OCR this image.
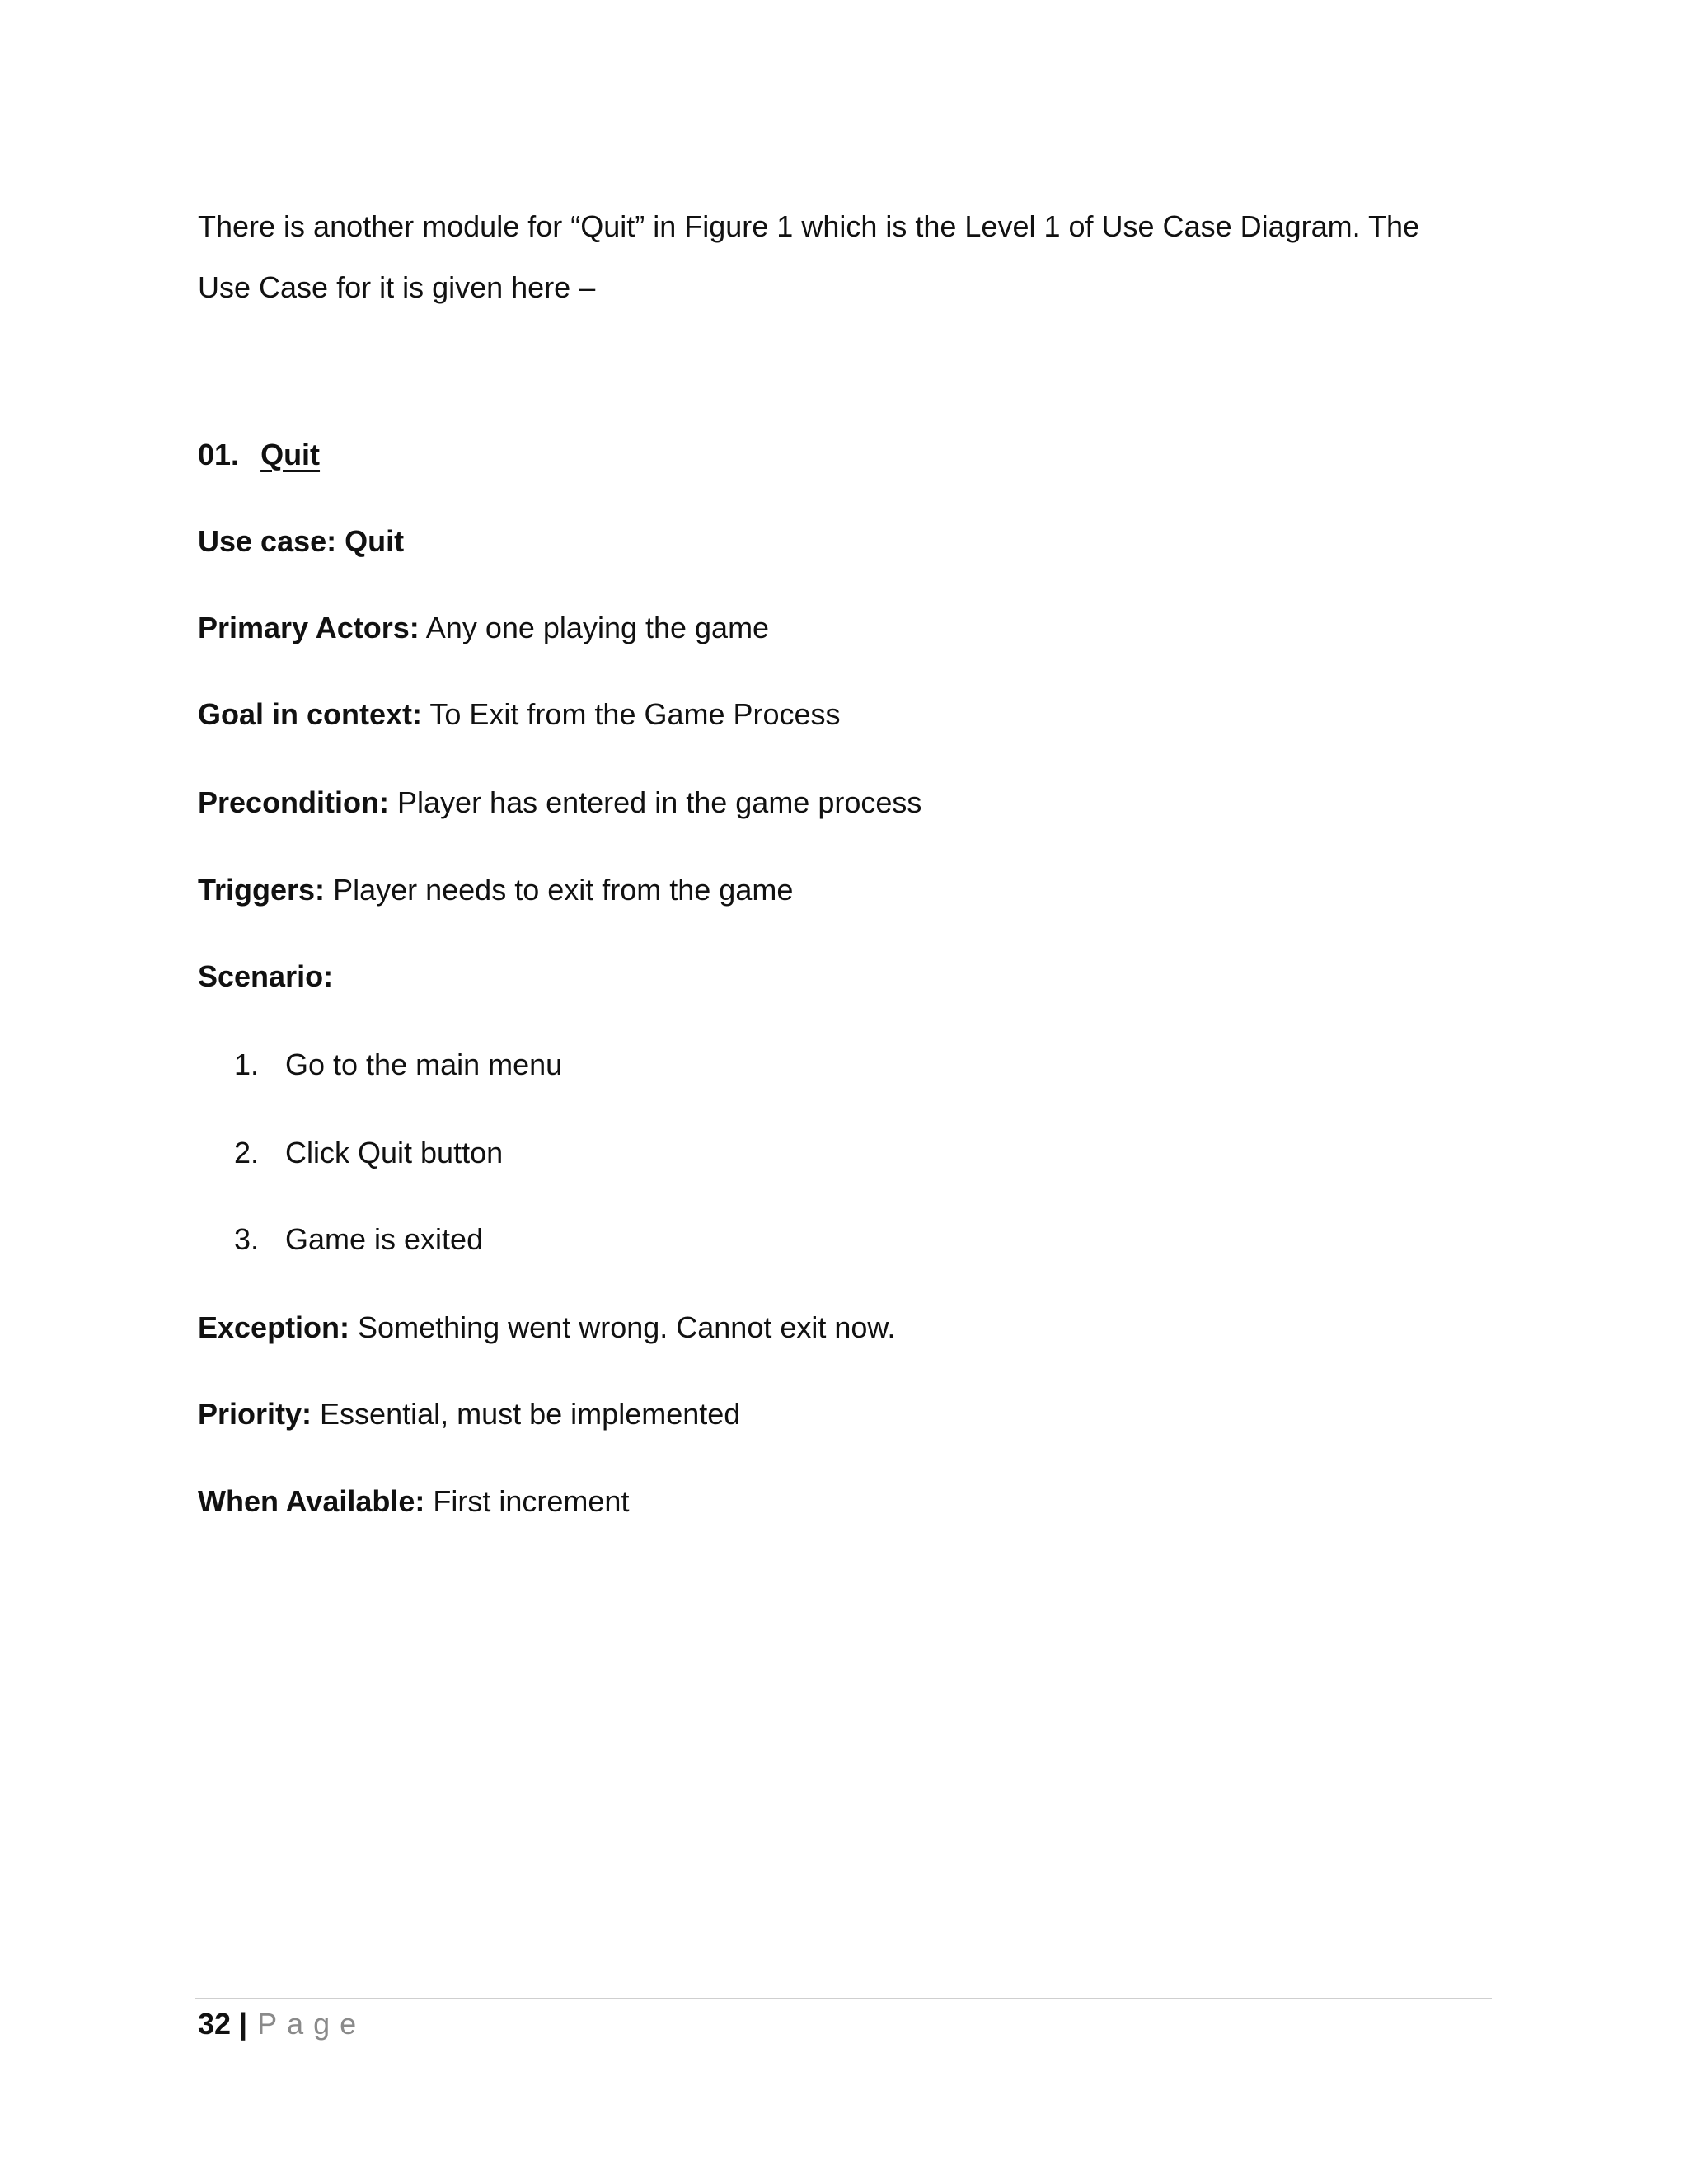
There is another module for “Quit” in Figure 1 which is the Level 1 of Use Case Diagram. The
Use Case for it is given here –

01. Quit

Use case: Quit

Primary Actors: Any one playing the game

Goal in context: To Exit from the Game Process

Precondition: Player has entered in the game process

Triggers: Player needs to exit from the game

Scenario:

1. Go to the main menu

2. Click Quit button

3. Game is exited

Exception: Something went wrong. Cannot exit now.

Priority: Essential, must be implemented

When Available: First increment

32 | Page
